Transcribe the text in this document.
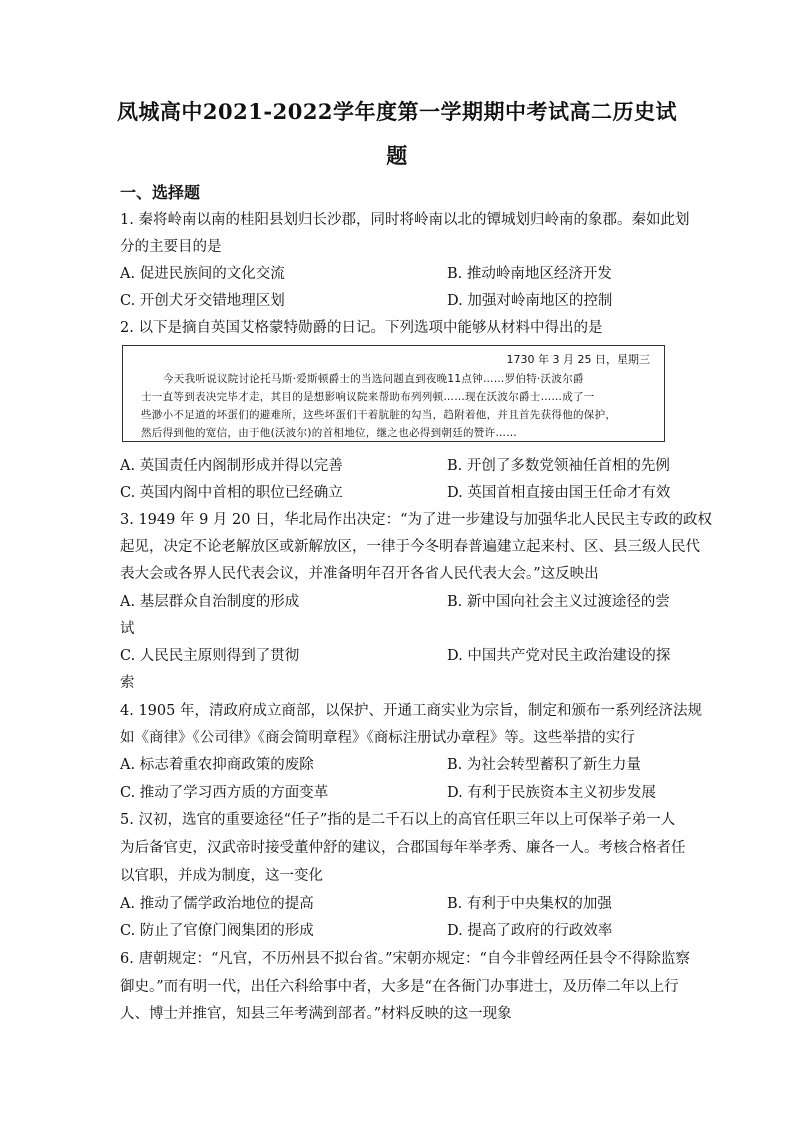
凤城高中2021-2022学年度第一学期期中考试高二历史试
题
一、选择题
1. 秦将岭南以南的桂阳县划归长沙郡，同时将岭南以北的镡城划归岭南的象郡。秦如此划
分的主要目的是
A. 促进民族间的文化交流	B. 推动岭南地区经济开发
C. 开创犬牙交错地理区划	D. 加强对岭南地区的控制
2. 以下是摘自英国艾格蒙特勋爵的日记。下列选项中能够从材料中得出的是
1730 年 3 月 25 日，星期三
今天我听说议院讨论托马斯·爱斯顿爵士的当选问题直到夜晚11点钟……罗伯特·沃波尔爵
士一直等到表决完毕才走，其目的是想影响议院来帮助布列列顿……现在沃波尔爵士……成了一
些渺小不足道的坏蛋们的避难所，这些坏蛋们干着肮脏的勾当，趋附着他，并且首先获得他的保护，
然后得到他的宽信，由于他(沃波尔)的首相地位，继之也必得到朝廷的赞许……
A. 英国责任内阁制形成并得以完善	B. 开创了多数党领袖任首相的先例
C. 英国内阁中首相的职位已经确立	D. 英国首相直接由国王任命才有效
3. 1949 年 9 月 20 日，华北局作出决定：“为了进一步建设与加强华北人民民主专政的政权
起见，决定不论老解放区或新解放区，一律于今冬明春普遍建立起来村、区、县三级人民代
表大会或各界人民代表会议，并准备明年召开各省人民代表大会。”这反映出
A. 基层群众自治制度的形成	B. 新中国向社会主义过渡途径的尝
试
C. 人民民主原则得到了贯彻	D. 中国共产党对民主政治建设的探
索
4. 1905 年，清政府成立商部，以保护、开通工商实业为宗旨，制定和颁布一系列经济法规
如《商律》《公司律》《商会简明章程》《商标注册试办章程》等。这些举措的实行
A. 标志着重农抑商政策的废除	B. 为社会转型蓄积了新生力量
C. 推动了学习西方质的方面变革	D. 有利于民族资本主义初步发展
5. 汉初，选官的重要途径“任子”指的是二千石以上的高官任职三年以上可保举子弟一人
为后备官吏，汉武帝时接受董仲舒的建议，合郡国每年举孝秀、廉各一人。考核合格者任
以官职，并成为制度，这一变化
A. 推动了儒学政治地位的提高	B. 有利于中央集权的加强
C. 防止了官僚门阀集团的形成	D. 提高了政府的行政效率
6. 唐朝规定：“凡官，不历州县不拟台省。”宋朝亦规定：“自今非曾经两任县令不得除监察
御史。”而有明一代，出任六科给事中者，大多是“在各衙门办事进士，及历俸二年以上行
人、博士并推官，知县三年考满到部者。”材料反映的这一现象
